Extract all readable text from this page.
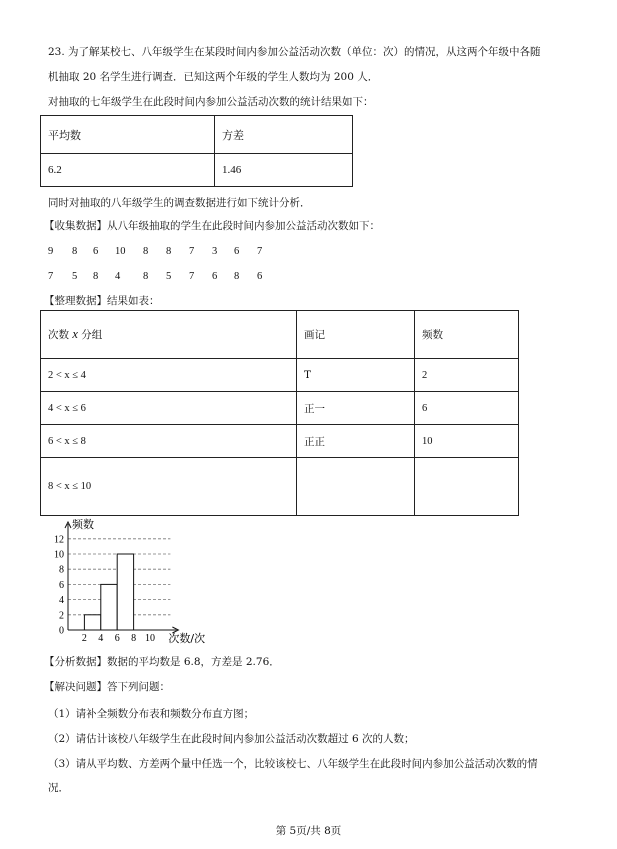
23. 为了解某校七、八年级学生在某段时间内参加公益活动次数（单位：次）的情况，从这两个年级中各随
机抽取 20 名学生进行调查．已知这两个年级的学生人数均为 200 人．
对抽取的七年级学生在此段时间内参加公益活动次数的统计结果如下：
平均数	方差
6.2	1.46
同时对抽取的八年级学生的调查数据进行如下统计分析．
【收集数据】从八年级抽取的学生在此段时间内参加公益活动次数如下：
9 8 6 10 8 8 7 3 6 7
7 5 8 4 8 5 7 6 8 6
【整理数据】结果如表：
次数 x 分组	画记	频数
2 < x ≤ 4	T	2
4 < x ≤ 6	正一	6
6 < x ≤ 8	正正	10
8 < x ≤ 10		
0
2
4
6
8
10
12
2 4 6 8 10
频数
次数/次
【分析数据】数据的平均数是 6.8，方差是 2.76．
【解决问题】答下列问题：
（1）请补全频数分布表和频数分布直方图；
（2）请估计该校八年级学生在此段时间内参加公益活动次数超过 6 次的人数；
（3）请从平均数、方差两个量中任选一个，比较该校七、八年级学生在此段时间内参加公益活动次数的情
况．
第 5页/共 8页
